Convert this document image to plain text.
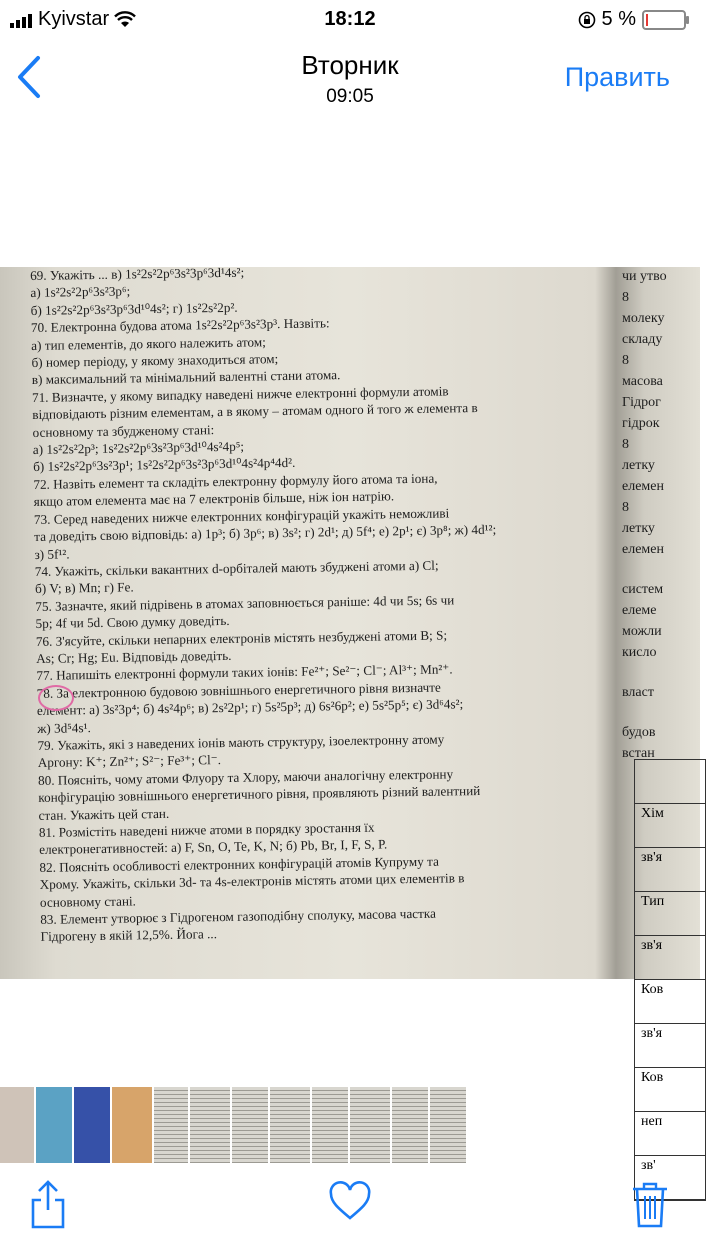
Kyivstar	18:12	5 %
Вторник
09:05
Править
69. Укажіть ... в) 1s²2s²2p⁶3s²3p⁶3d¹4s²;
а) 1s²2s²2p⁶3s²3p⁶;
б) 1s²2s²2p⁶3s²3p⁶3d¹⁰4s²; г) 1s²2s²2p².
70. Електронна будова атома 1s²2s²2p⁶3s²3p³. Назвіть:
а) тип елементів, до якого належить атом;
б) номер періоду, у якому знаходиться атом;
в) максимальний та мінімальний валентні стани атома.
71. Визначте, у якому випадку наведені нижче електронні формули атомів
відповідають різним елементам, а в якому – атомам одного й того ж елемента в
основному та збудженому стані:
а) 1s²2s²2p³; 1s²2s²2p⁶3s²3p⁶3d¹⁰4s²4p⁵;
б) 1s²2s²2p⁶3s²3p¹; 1s²2s²2p⁶3s²3p⁶3d¹⁰4s²4p⁴4d².
72. Назвіть елемент та складіть електронну формулу його атома та іона,
якщо атом елемента має на 7 електронів більше, ніж іон натрію.
73. Серед наведених нижче електронних конфігурацій укажіть неможливі
та доведіть свою відповідь: а) 1p³; б) 3p⁶; в) 3s²; г) 2d¹; д) 5f⁴; е) 2p¹; є) 3p⁸; ж) 4d¹²;
з) 5f¹².
74. Укажіть, скільки вакантних d-орбіталей мають збуджені атоми а) Cl;
б) V; в) Mn; г) Fe.
75. Зазначте, який підрівень в атомах заповнюється раніше: 4d чи 5s; 6s чи
5p; 4f чи 5d. Свою думку доведіть.
76. З'ясуйте, скільки непарних електронів містять незбуджені атоми B; S;
As; Cr; Hg; Eu. Відповідь доведіть.
77. Напишіть електронні формули таких іонів: Fe²⁺; Se²⁻; Cl⁻; Al³⁺; Mn²⁺.
78. За електронною будовою зовнішнього енергетичного рівня визначте
елемент: а) 3s²3p⁴; б) 4s²4p⁶; в) 2s²2p¹; г) 5s²5p³; д) 6s²6p²; е) 5s²5p⁵; є) 3d⁶4s²;
ж) 3d⁵4s¹.
79. Укажіть, які з наведених іонів мають структуру, ізоелектронну атому
Аргону: K⁺; Zn²⁺; S²⁻; Fe³⁺; Cl⁻.
80. Поясніть, чому атоми Флуору та Хлору, маючи аналогічну електронну
конфігурацію зовнішнього енергетичного рівня, проявляють різний валентний
стан. Укажіть цей стан.
81. Розмістіть наведені нижче атоми в порядку зростання їх
електронегативностей: а) F, Sn, O, Te, K, N; б) Pb, Br, I, F, S, P.
82. Поясніть особливості електронних конфігурацій атомів Купруму та
Хрому. Укажіть, скільки 3d- та 4s-електронів містять атоми цих елементів в
основному стані.
83. Елемент утворює з Гідрогеном газоподібну сполуку, масова частка
Гідрогену в якій 12,5%. Йога ...
чи утво
8
молеку
складу
8
масова
Гідрог
гідрок
8
летку
елемен
8
летку
елемен
систем
елеме
можли
кисло
власт
будов
встан
Хім
зв'я
Тип
зв'я
Ков
зв'я
Ков
неп
зв'
